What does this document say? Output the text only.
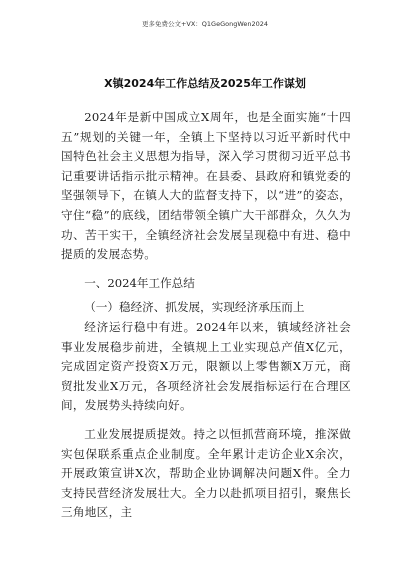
更多免费公文+VX：Q1GeGongWen2024
X镇2024年工作总结及2025年工作谋划

2024年是新中国成立X周年，也是全面实施“十四五”规划的关键一年，全镇上下坚持以习近平新时代中国特色社会主义思想为指导，深入学习贯彻习近平总书记重要讲话指示批示精神。在县委、县政府和镇党委的坚强领导下，在镇人大的监督支持下，以“进”的姿态，守住“稳”的底线，团结带领全镇广大干部群众，久久为功、苦干实干，全镇经济社会发展呈现稳中有进、稳中提质的发展态势。

一、2024年工作总结

（一）稳经济、抓发展，实现经济承压而上

经济运行稳中有进。2024年以来，镇域经济社会事业发展稳步前进，全镇规上工业实现总产值X亿元，完成固定资产投资X万元，限额以上零售额X万元，商贸批发业X万元，各项经济社会发展指标运行在合理区间，发展势头持续向好。

工业发展提质提效。持之以恒抓营商环境，推深做实包保联系重点企业制度。全年累计走访企业X余次，开展政策宣讲X次，帮助企业协调解决问题X件。全力支持民营经济发展壮大。全力以赴抓项目招引，聚焦长三角地区，主
